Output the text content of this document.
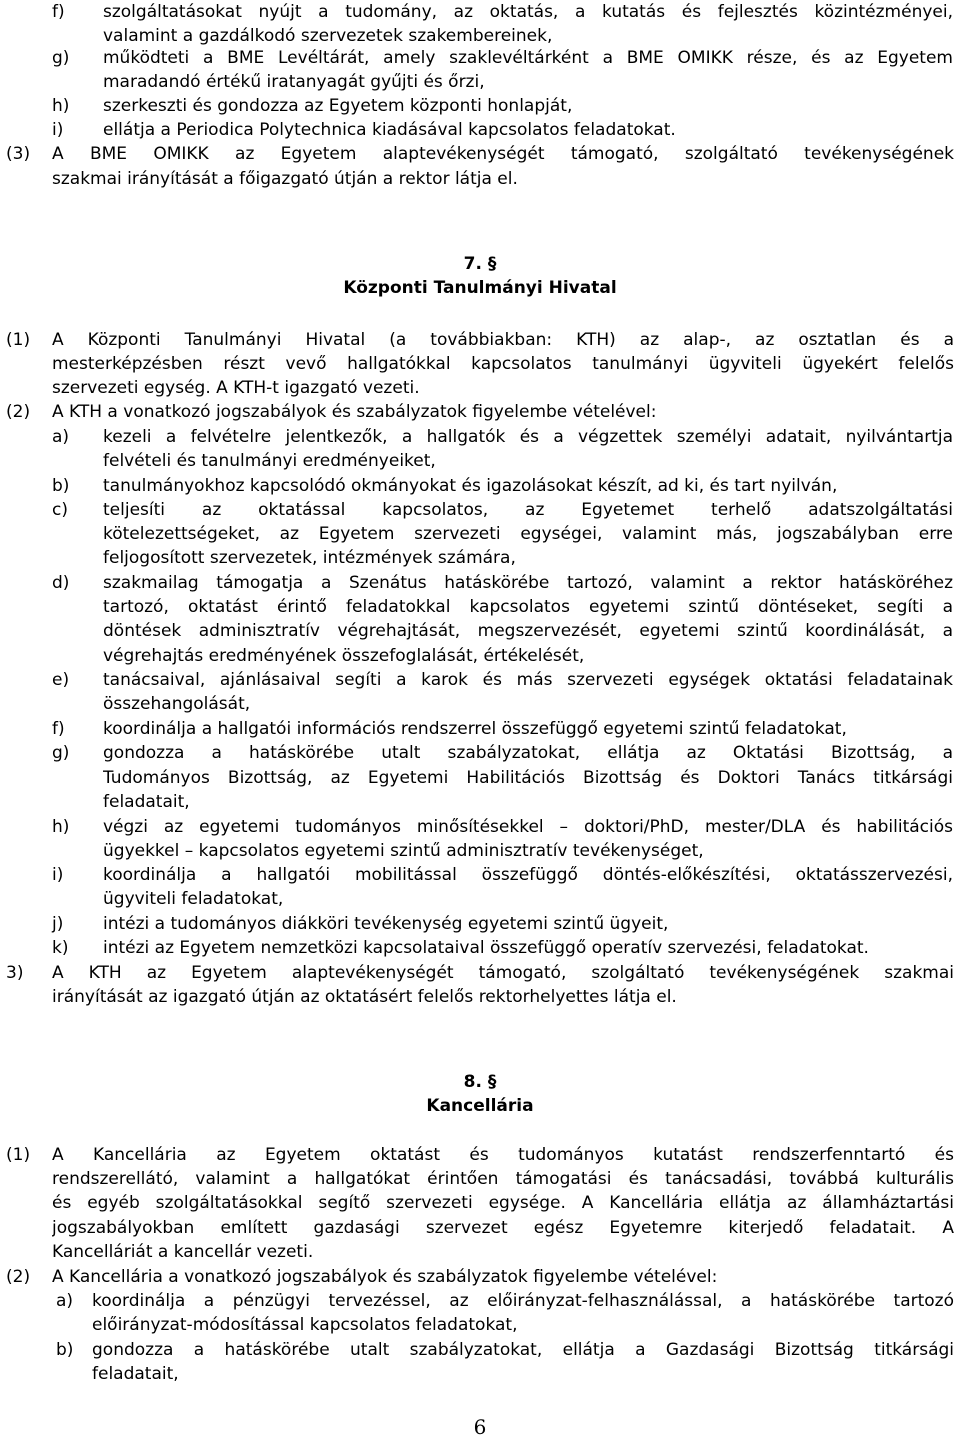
f) szolgáltatásokat nyújt a tudomány, az oktatás, a kutatás és fejlesztés közintézményei,
valamint a gazdálkodó szervezetek szakembereinek,
g) működteti a BME Levéltárát, amely szaklevéltárként a BME OMIKK része, és az Egyetem
maradandó értékű iratanyagát gyűjti és őrzi,
h) szerkeszti és gondozza az Egyetem központi honlapját,
i) ellátja a Periodica Polytechnica kiadásával kapcsolatos feladatokat.
(3) A BME OMIKK az Egyetem alaptevékenységét támogató, szolgáltató tevékenységének
szakmai irányítását a főigazgató útján a rektor látja el.
7. §
Központi Tanulmányi Hivatal
(1) A Központi Tanulmányi Hivatal (a továbbiakban: KTH) az alap-, az osztatlan és a
mesterképzésben részt vevő hallgatókkal kapcsolatos tanulmányi ügyviteli ügyekért felelős
szervezeti egység. A KTH-t igazgató vezeti.
(2) A KTH a vonatkozó jogszabályok és szabályzatok figyelembe vételével:
a) kezeli a felvételre jelentkezők, a hallgatók és a végzettek személyi adatait, nyilvántartja
felvételi és tanulmányi eredményeiket,
b) tanulmányokhoz kapcsolódó okmányokat és igazolásokat készít, ad ki, és tart nyilván,
c) teljesíti az oktatással kapcsolatos, az Egyetemet terhelő adatszolgáltatási
kötelezettségeket, az Egyetem szervezeti egységei, valamint más, jogszabályban erre
feljogosított szervezetek, intézmények számára,
d) szakmailag támogatja a Szenátus hatáskörébe tartozó, valamint a rektor hatásköréhez
tartozó, oktatást érintő feladatokkal kapcsolatos egyetemi szintű döntéseket, segíti a
döntések adminisztratív végrehajtását, megszervezését, egyetemi szintű koordinálását, a
végrehajtás eredményének összefoglalását, értékelését,
e) tanácsaival, ajánlásaival segíti a karok és más szervezeti egységek oktatási feladatainak
összehangolását,
f) koordinálja a hallgatói információs rendszerrel összefüggő egyetemi szintű feladatokat,
g) gondozza a hatáskörébe utalt szabályzatokat, ellátja az Oktatási Bizottság, a
Tudományos Bizottság, az Egyetemi Habilitációs Bizottság és Doktori Tanács titkársági
feladatait,
h) végzi az egyetemi tudományos minősítésekkel – doktori/PhD, mester/DLA és habilitációs
ügyekkel – kapcsolatos egyetemi szintű adminisztratív tevékenységet,
i) koordinálja a hallgatói mobilitással összefüggő döntés-előkészítési, oktatásszervezési,
ügyviteli feladatokat,
j) intézi a tudományos diákköri tevékenység egyetemi szintű ügyeit,
k) intézi az Egyetem nemzetközi kapcsolataival összefüggő operatív szervezési, feladatokat.
3) A KTH az Egyetem alaptevékenységét támogató, szolgáltató tevékenységének szakmai
irányítását az igazgató útján az oktatásért felelős rektorhelyettes látja el.
8. §
Kancellária
(1) A Kancellária az Egyetem oktatást és tudományos kutatást rendszerfenntartó és
rendszerellátó, valamint a hallgatókat érintően támogatási és tanácsadási, továbbá kulturális
és egyéb szolgáltatásokkal segítő szervezeti egysége. A Kancellária ellátja az államháztartási
jogszabályokban említett gazdasági szervezet egész Egyetemre kiterjedő feladatait. A
Kancelláriát a kancellár vezeti.
(2) A Kancellária a vonatkozó jogszabályok és szabályzatok figyelembe vételével:
a) koordinálja a pénzügyi tervezéssel, az előirányzat-felhasználással, a hatáskörébe tartozó
előirányzat-módosítással kapcsolatos feladatokat,
b) gondozza a hatáskörébe utalt szabályzatokat, ellátja a Gazdasági Bizottság titkársági
feladatait,
6
